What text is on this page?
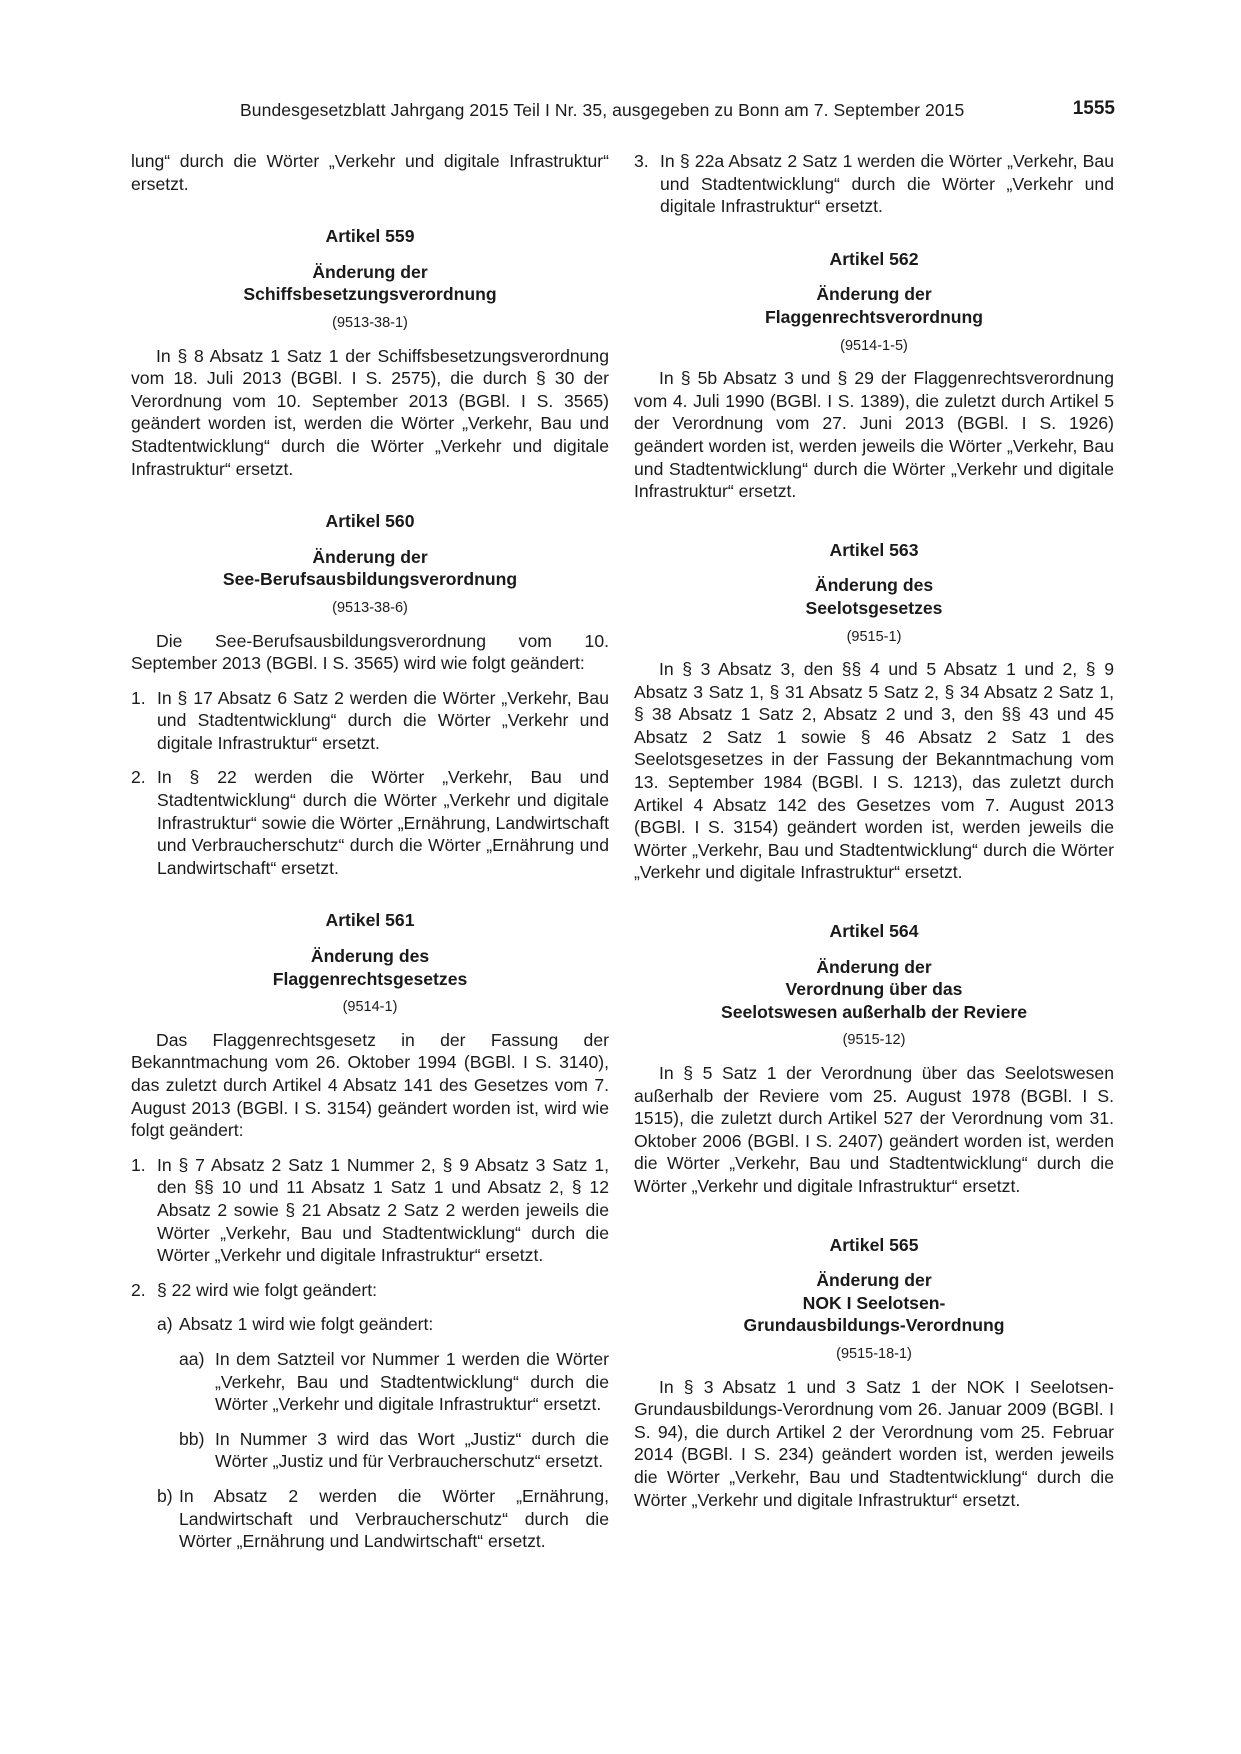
Bundesgesetzblatt Jahrgang 2015 Teil I Nr. 35, ausgegeben zu Bonn am 7. September 2015	1555

lung“ durch die Wörter „Verkehr und digitale Infrastruktur“ ersetzt.

Artikel 559
Änderung der
Schiffsbesetzungsverordnung
(9513-38-1)

In § 8 Absatz 1 Satz 1 der Schiffsbesetzungsverordnung vom 18. Juli 2013 (BGBl. I S. 2575), die durch § 30 der Verordnung vom 10. September 2013 (BGBl. I S. 3565) geändert worden ist, werden die Wörter „Verkehr, Bau und Stadtentwicklung“ durch die Wörter „Verkehr und digitale Infrastruktur“ ersetzt.

Artikel 560
Änderung der
See-Berufsausbildungsverordnung
(9513-38-6)

Die See-Berufsausbildungsverordnung vom 10. September 2013 (BGBl. I S. 3565) wird wie folgt geändert:

1. In § 17 Absatz 6 Satz 2 werden die Wörter „Verkehr, Bau und Stadtentwicklung“ durch die Wörter „Verkehr und digitale Infrastruktur“ ersetzt.
2. In § 22 werden die Wörter „Verkehr, Bau und Stadtentwicklung“ durch die Wörter „Verkehr und digitale Infrastruktur“ sowie die Wörter „Ernährung, Landwirtschaft und Verbraucherschutz“ durch die Wörter „Ernährung und Landwirtschaft“ ersetzt.
Artikel 561
Änderung des
Flaggenrechtsgesetzes
(9514-1)

Das Flaggenrechtsgesetz in der Fassung der Bekanntmachung vom 26. Oktober 1994 (BGBl. I S. 3140), das zuletzt durch Artikel 4 Absatz 141 des Gesetzes vom 7. August 2013 (BGBl. I S. 3154) geändert worden ist, wird wie folgt geändert:

1. In § 7 Absatz 2 Satz 1 Nummer 2, § 9 Absatz 3 Satz 1, den §§ 10 und 11 Absatz 1 Satz 1 und Absatz 2, § 12 Absatz 2 sowie § 21 Absatz 2 Satz 2 werden jeweils die Wörter „Verkehr, Bau und Stadtentwicklung“ durch die Wörter „Verkehr und digitale Infrastruktur“ ersetzt.
2. § 22 wird wie folgt geändert:
a) Absatz 1 wird wie folgt geändert:
aa) In dem Satzteil vor Nummer 1 werden die Wörter „Verkehr, Bau und Stadtentwicklung“ durch die Wörter „Verkehr und digitale Infrastruktur“ ersetzt.
bb) In Nummer 3 wird das Wort „Justiz“ durch die Wörter „Justiz und für Verbraucherschutz“ ersetzt.
b) In Absatz 2 werden die Wörter „Ernährung, Landwirtschaft und Verbraucherschutz“ durch die Wörter „Ernährung und Landwirtschaft“ ersetzt.
3. In § 22a Absatz 2 Satz 1 werden die Wörter „Verkehr, Bau und Stadtentwicklung“ durch die Wörter „Verkehr und digitale Infrastruktur“ ersetzt.
Artikel 562
Änderung der
Flaggenrechtsverordnung
(9514-1-5)

In § 5b Absatz 3 und § 29 der Flaggenrechtsverordnung vom 4. Juli 1990 (BGBl. I S. 1389), die zuletzt durch Artikel 5 der Verordnung vom 27. Juni 2013 (BGBl. I S. 1926) geändert worden ist, werden jeweils die Wörter „Verkehr, Bau und Stadtentwicklung“ durch die Wörter „Verkehr und digitale Infrastruktur“ ersetzt.

Artikel 563
Änderung des
Seelotsgesetzes
(9515-1)

In § 3 Absatz 3, den §§ 4 und 5 Absatz 1 und 2, § 9 Absatz 3 Satz 1, § 31 Absatz 5 Satz 2, § 34 Absatz 2 Satz 1, § 38 Absatz 1 Satz 2, Absatz 2 und 3, den §§ 43 und 45 Absatz 2 Satz 1 sowie § 46 Absatz 2 Satz 1 des Seelotsgesetzes in der Fassung der Bekanntmachung vom 13. September 1984 (BGBl. I S. 1213), das zuletzt durch Artikel 4 Absatz 142 des Gesetzes vom 7. August 2013 (BGBl. I S. 3154) geändert worden ist, werden jeweils die Wörter „Verkehr, Bau und Stadtentwicklung“ durch die Wörter „Verkehr und digitale Infrastruktur“ ersetzt.

Artikel 564
Änderung der
Verordnung über das
Seelotswesen außerhalb der Reviere
(9515-12)

In § 5 Satz 1 der Verordnung über das Seelotswesen außerhalb der Reviere vom 25. August 1978 (BGBl. I S. 1515), die zuletzt durch Artikel 527 der Verordnung vom 31. Oktober 2006 (BGBl. I S. 2407) geändert worden ist, werden die Wörter „Verkehr, Bau und Stadtentwicklung“ durch die Wörter „Verkehr und digitale Infrastruktur“ ersetzt.

Artikel 565
Änderung der
NOK I Seelotsen-
Grundausbildungs-Verordnung
(9515-18-1)

In § 3 Absatz 1 und 3 Satz 1 der NOK I Seelotsen-Grundausbildungs-Verordnung vom 26. Januar 2009 (BGBl. I S. 94), die durch Artikel 2 der Verordnung vom 25. Februar 2014 (BGBl. I S. 234) geändert worden ist, werden jeweils die Wörter „Verkehr, Bau und Stadtentwicklung“ durch die Wörter „Verkehr und digitale Infrastruktur“ ersetzt.
